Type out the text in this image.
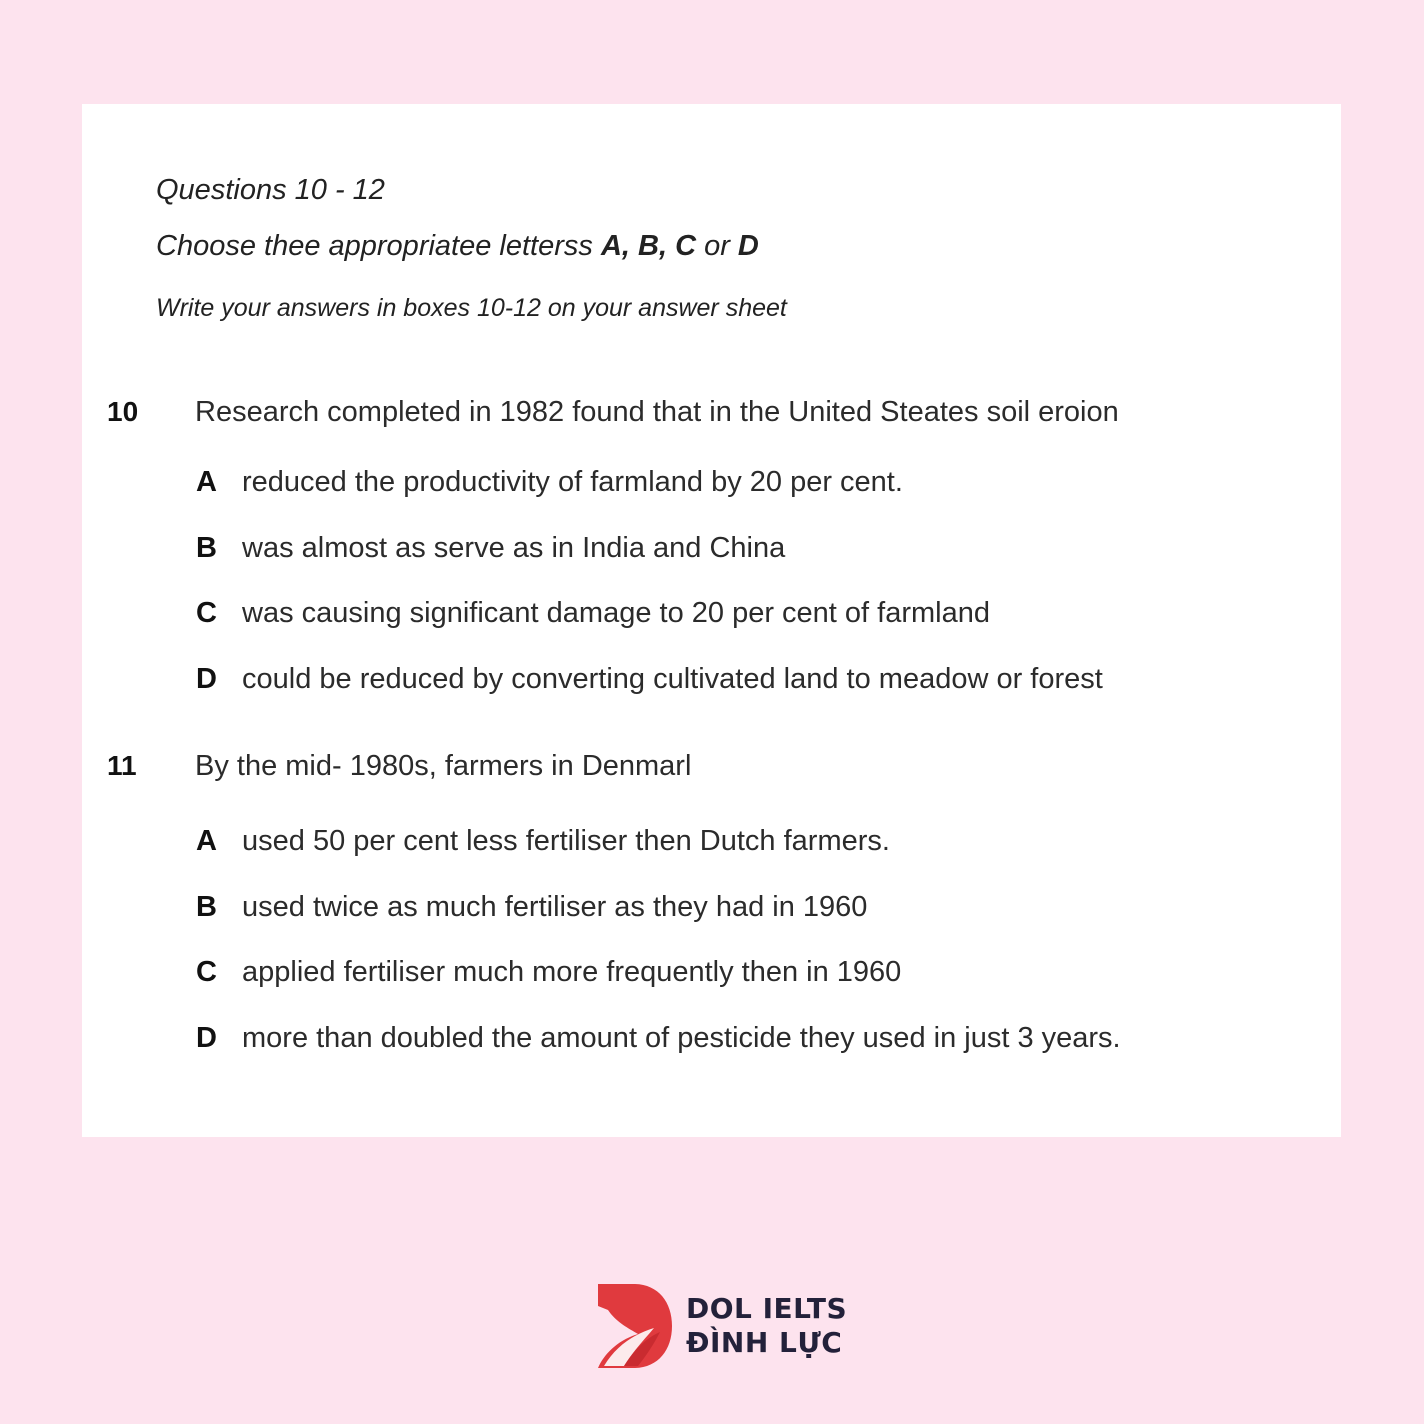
Questions 10 - 12
Choose thee appropriatee letterss A, B, C or D
Write your answers in boxes 10-12 on your answer sheet
10 Research completed in 1982 found that in the United Steates soil eroion
A reduced the productivity of farmland by 20 per cent.
B was almost as serve as in India and China
C was causing significant damage to 20 per cent of farmland
D could be reduced by converting cultivated land to meadow or forest
11 By the mid- 1980s, farmers in Denmarl
A used 50 per cent less fertiliser then Dutch farmers.
B used twice as much fertiliser as they had in 1960
C applied fertiliser much more frequently then in 1960
D more than doubled the amount of pesticide they used in just 3 years.
DOL IELTS
ĐÌNH LỰC
